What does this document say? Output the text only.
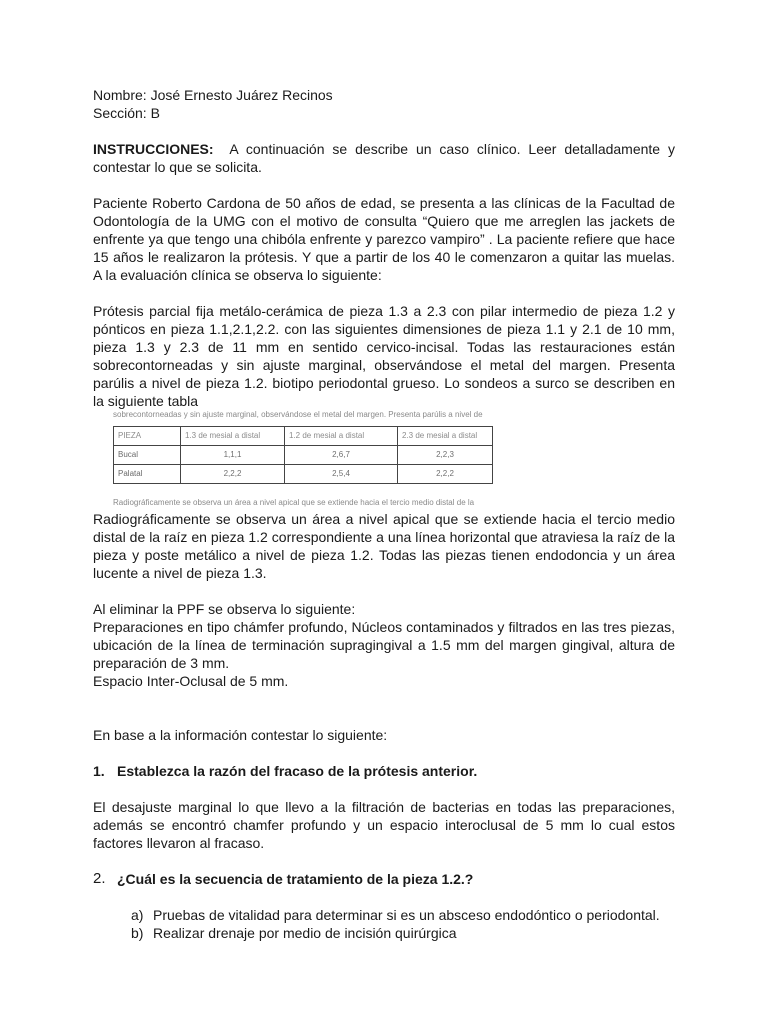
Nombre: José Ernesto Juárez Recinos

Sección: B

INSTRUCCIONES: A continuación se describe un caso clínico. Leer detalladamente y contestar lo que se solicita.

Paciente Roberto Cardona de 50 años de edad, se presenta a las clínicas de la Facultad de Odontología de la UMG con el motivo de consulta “Quiero que me arreglen las jackets de enfrente ya que tengo una chibóla enfrente y parezco vampiro” . La paciente refiere que hace 15 años le realizaron la prótesis. Y que a partir de los 40 le comenzaron a quitar las muelas. A la evaluación clínica se observa lo siguiente:

Prótesis parcial fija metálo-cerámica de pieza 1.3 a 2.3 con pilar intermedio de pieza 1.2 y pónticos en pieza 1.1,2.1,2.2. con las siguientes dimensiones de pieza 1.1 y 2.1 de 10 mm, pieza 1.3 y 2.3 de 11 mm en sentido cervico-incisal. Todas las restauraciones están sobrecontorneadas y sin ajuste marginal, observándose el metal del margen. Presenta parúlis a nivel de pieza 1.2. biotipo periodontal grueso. Lo sondeos a surco se describen en la siguiente tabla

sobrecontorneadas y sin ajuste marginal, observándose el metal del margen. Presenta parúlis a nivel de
PIEZA	1.3 de mesial a distal	1.2 de mesial a distal	2.3 de mesial a distal
Bucal	1,1,1	2,6,7	2,2,3
Palatal	2,2,2	2,5,4	2,2,2
Radiográficamente se observa un área a nivel apical que se extiende hacia el tercio medio distal de la

Radiográficamente se observa un área a nivel apical que se extiende hacia el tercio medio distal de la raíz en pieza 1.2 correspondiente a una línea horizontal que atraviesa la raíz de la pieza y poste metálico a nivel de pieza 1.2. Todas las piezas tienen endodoncia y un área lucente a nivel de pieza 1.3.

Al eliminar la PPF se observa lo siguiente:

Preparaciones en tipo chámfer profundo, Núcleos contaminados y filtrados en las tres piezas, ubicación de la línea de terminación supragingival a 1.5 mm del margen gingival, altura de preparación de 3 mm.

Espacio Inter-Oclusal de 5 mm.

En base a la información contestar lo siguiente:

1. Establezca la razón del fracaso de la prótesis anterior.

El desajuste marginal lo que llevo a la filtración de bacterias en todas las preparaciones, además se encontró chamfer profundo y un espacio interoclusal de 5 mm lo cual estos factores llevaron al fracaso.

2. ¿Cuál es la secuencia de tratamiento de la pieza 1.2.?
a) Pruebas de vitalidad para determinar si es un absceso endodóntico o periodontal.
b) Realizar drenaje por medio de incisión quirúrgica
